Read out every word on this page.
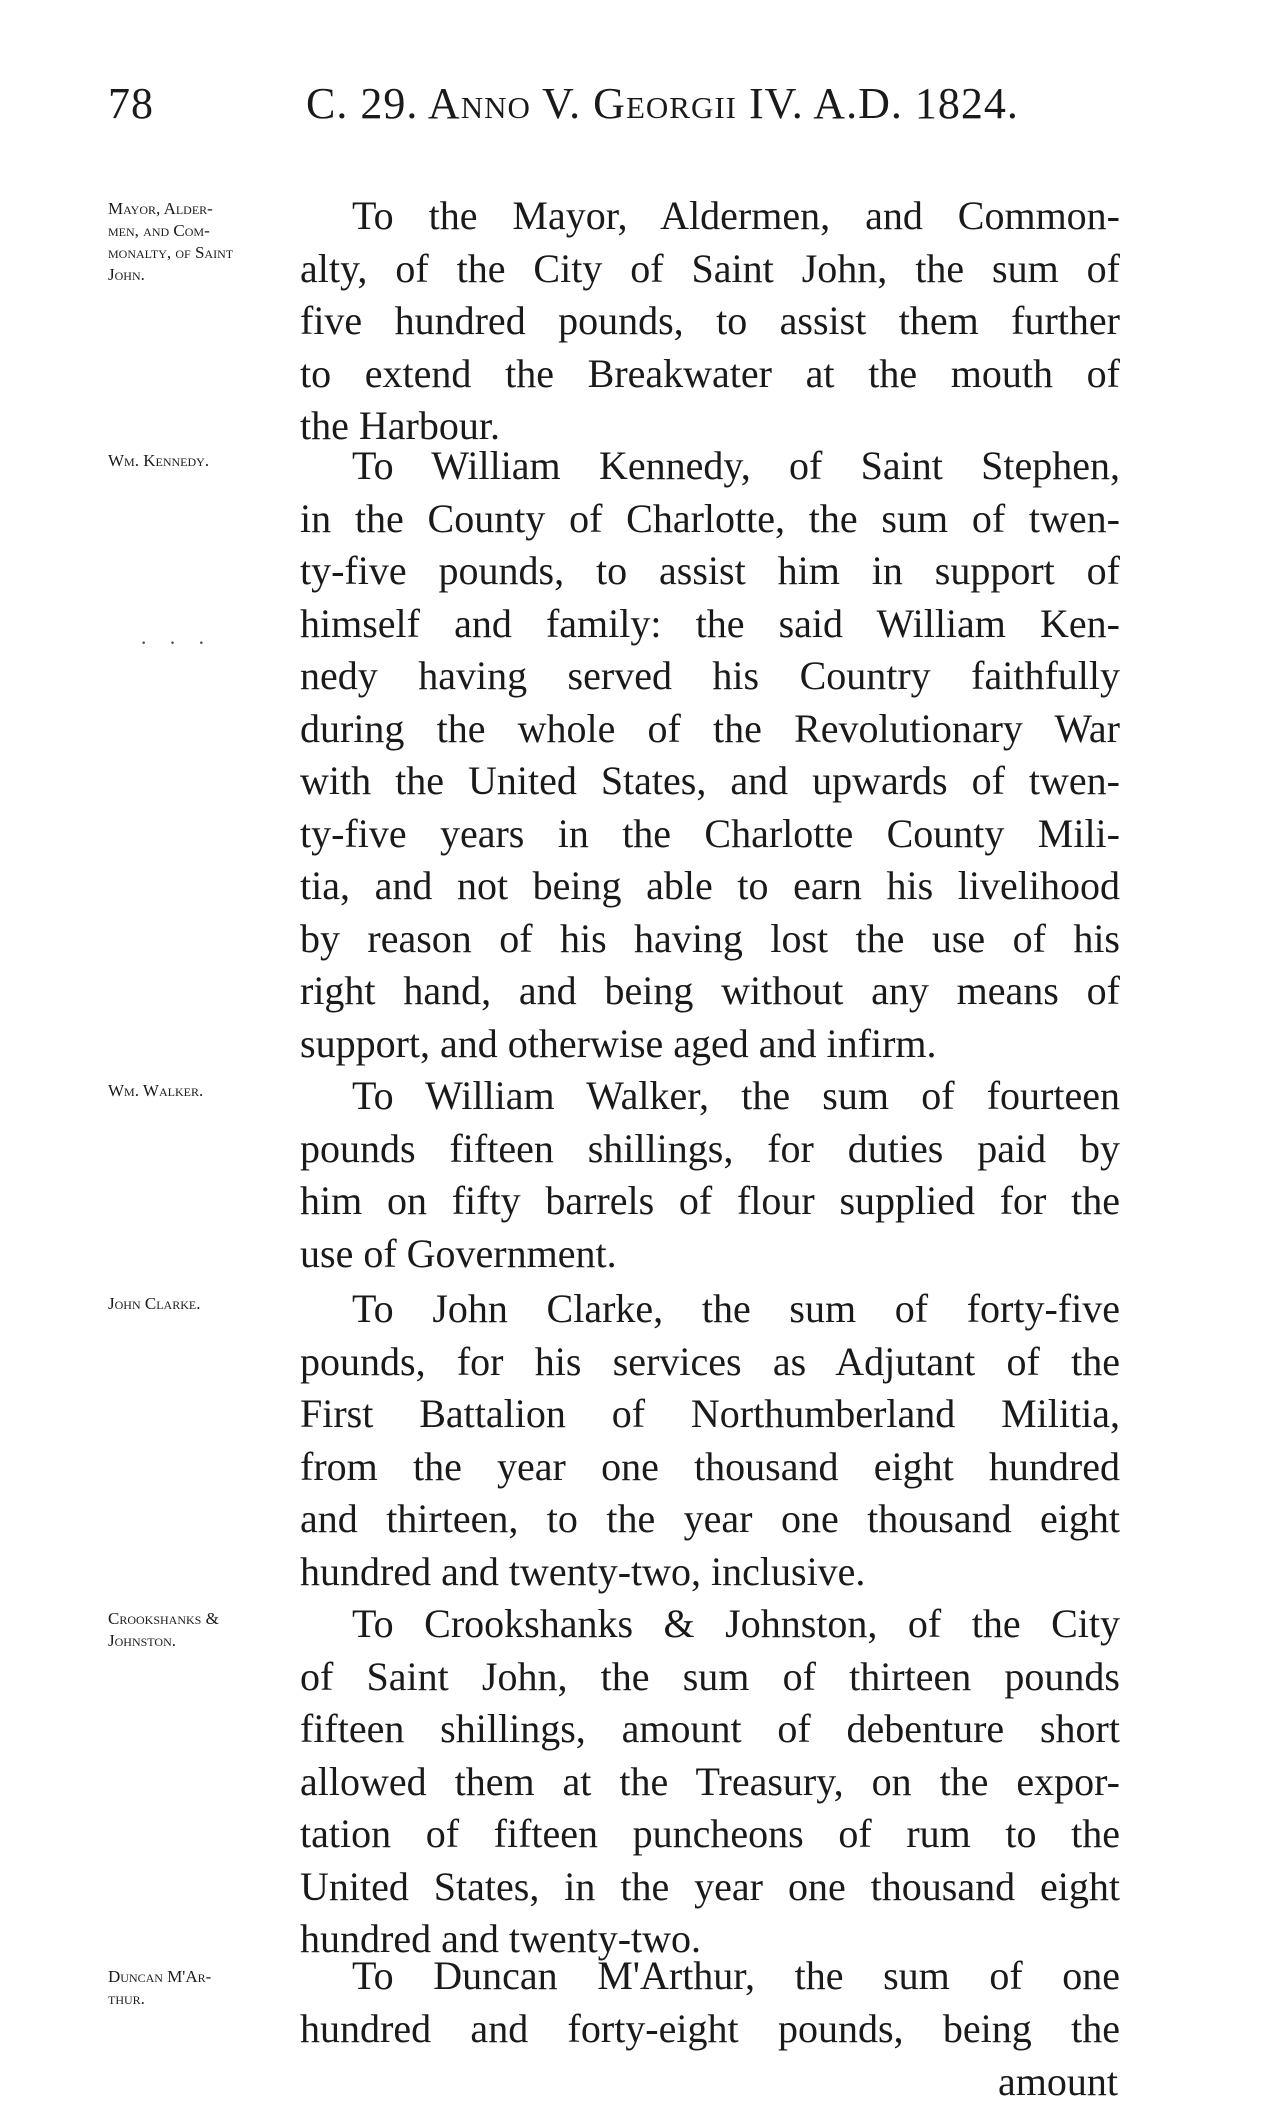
78	C. 29. Anno V. Georgii IV. A.D. 1824.
· · ·
Mayor, Alder-
men, and Com-
monalty, of Saint
John.
To the Mayor, Aldermen, and Common-
alty, of the City of Saint John, the sum of
five hundred pounds, to assist them further
to extend the Breakwater at the mouth of
the Harbour.
Wm. Kennedy.	To William Kennedy, of Saint Stephen,
in the County of Charlotte, the sum of twen-
ty-five pounds, to assist him in support of
himself and family: the said William Ken-
nedy having served his Country faithfully
during the whole of the Revolutionary War
with the United States, and upwards of twen-
ty-five years in the Charlotte County Mili-
tia, and not being able to earn his livelihood
by reason of his having lost the use of his
right hand, and being without any means of
support, and otherwise aged and infirm.
Wm. Walker.	To William Walker, the sum of fourteen
pounds fifteen shillings, for duties paid by
him on fifty barrels of flour supplied for the
use of Government.
John Clarke.	To John Clarke, the sum of forty-five
pounds, for his services as Adjutant of the
First Battalion of Northumberland Militia,
from the year one thousand eight hundred
and thirteen, to the year one thousand eight
hundred and twenty-two, inclusive.
Crookshanks &
Johnston.	To Crookshanks & Johnston, of the City
of Saint John, the sum of thirteen pounds
fifteen shillings, amount of debenture short
allowed them at the Treasury, on the expor-
tation of fifteen puncheons of rum to the
United States, in the year one thousand eight
hundred and twenty-two.
Duncan M'Ar-
thur.
To Duncan M'Arthur, the sum of one
hundred and forty-eight pounds, being the
amount
